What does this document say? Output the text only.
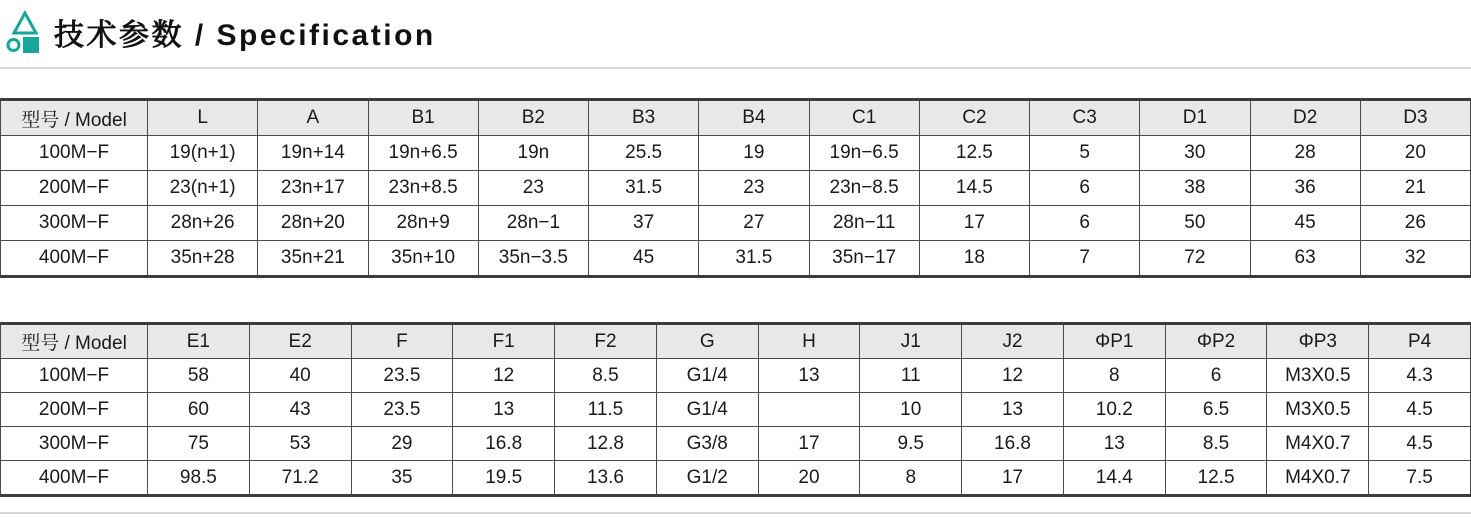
技术参数 / Specification
型号 / Model	L	A	B1	B2	B3	B4	C1	C2	C3	D1	D2	D3
100M−F	19(n+1)	19n+14	19n+6.5	19n	25.5	19	19n−6.5	12.5	5	30	28	20
200M−F	23(n+1)	23n+17	23n+8.5	23	31.5	23	23n−8.5	14.5	6	38	36	21
300M−F	28n+26	28n+20	28n+9	28n−1	37	27	28n−11	17	6	50	45	26
400M−F	35n+28	35n+21	35n+10	35n−3.5	45	31.5	35n−17	18	7	72	63	32
型号 / Model	E1	E2	F	F1	F2	G	H	J1	J2	ΦP1	ΦP2	ΦP3	P4
100M−F	58	40	23.5	12	8.5	G1/4	13	11	12	8	6	M3X0.5	4.3
200M−F	60	43	23.5	13	11.5	G1/4		10	13	10.2	6.5	M3X0.5	4.5
300M−F	75	53	29	16.8	12.8	G3/8	17	9.5	16.8	13	8.5	M4X0.7	4.5
400M−F	98.5	71.2	35	19.5	13.6	G1/2	20	8	17	14.4	12.5	M4X0.7	7.5
